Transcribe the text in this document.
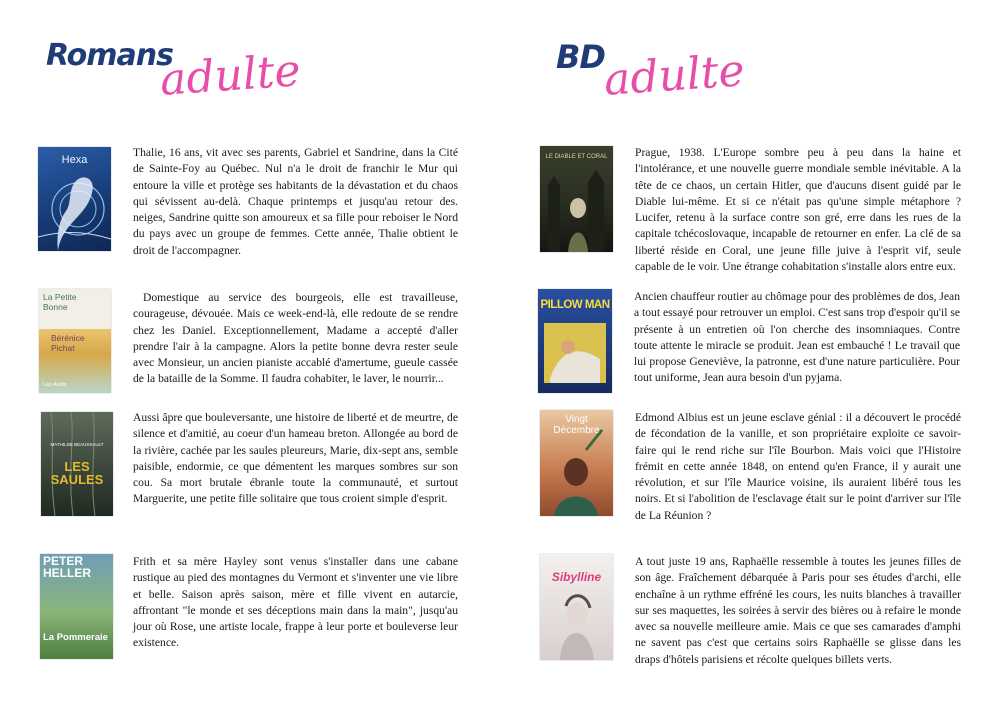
Romans
adulte	BD
adulte
Hexa

Thalie, 16 ans, vit avec ses parents, Gabriel et Sandrine, dans la Cité de Sainte-Foy au Québec. Nul n'a le droit de franchir le Mur qui entoure la ville et protège ses habitants de la dévastation et du chaos qui sévissent au-delà. Chaque printemps et jusqu'au retour des. neiges, Sandrine quitte son amoureux et sa fille pour reboiser le Nord du pays avec un groupe de femmes. Cette année, Thalie obtient le droit de l'accompagner.

La Petite Bonne
Bérénice Pichat
Les Avrils

Domestique au service des bourgeois, elle est travailleuse, courageuse, dévouée. Mais ce week-end-là, elle redoute de se rendre chez les Daniel. Exceptionnellement, Madame a accepté d'aller prendre l'air à la campagne. Alors la petite bonne devra rester seule avec Monsieur, un ancien pianiste accablé d'amertume, gueule cassée de la bataille de la Somme. Il faudra cohabiter, le laver, le nourrir...

MATHILDE BEAUSSAULT
LES SAULES

Aussi âpre que bouleversante, une histoire de liberté et de meurtre, de silence et d'amitié, au coeur d'un hameau breton. Allongée au bord de la rivière, cachée par les saules pleureurs, Marie, dix-sept ans, semble paisible, endormie, ce que démentent les marques sombres sur son cou. Sa mort brutale ébranle toute la communauté, et surtout Marguerite, une petite fille solitaire que tous croient simple d'esprit.

PETER HELLER
La Pommeraie

Frith et sa mère Hayley sont venus s'installer dans une cabane rustique au pied des montagnes du Vermont et s'inventer une vie libre et belle. Saison après saison, mère et fille vivent en autarcie, affrontant "le monde et ses déceptions main dans la main", jusqu'au jour où Rose, une artiste locale, frappe à leur porte et bouleverse leur existence.

LE DIABLE ET CORAL	Prague, 1938. L'Europe sombre peu à peu dans la haine et l'intolérance, et une nouvelle guerre mondiale semble inévitable. A la tête de ce chaos, un certain Hitler, que d'aucuns disent guidé par le Diable lui-même. Et si ce n'était pas qu'une simple métaphore ? Lucifer, retenu à la surface contre son gré, erre dans les rues de la capitale tchécoslovaque, incapable de retourner en enfer. La clé de sa liberté réside en Coral, une jeune fille juive à l'esprit vif, seule capable de le voir. Une étrange cohabitation s'installe alors entre eux.

PILLOW MAN

Ancien chauffeur routier au chômage pour des problèmes de dos, Jean a tout essayé pour retrouver un emploi. C'est sans trop d'espoir qu'il se présente à un entretien où l'on cherche des insomniaques. Contre toute attente le miracle se produit. Jean est embauché ! Le travail que lui propose Geneviève, la patronne, est d'une nature particulière. Pour tout uniforme, Jean aura besoin d'un pyjama.

Vingt Décembre

Edmond Albius est un jeune esclave génial : il a découvert le procédé de fécondation de la vanille, et son propriétaire exploite ce savoir-faire qui le rend riche sur l'île Bourbon. Mais voici que l'Histoire frémit en cette année 1848, on entend qu'en France, il y aurait une révolution, et sur l'île Maurice voisine, ils auraient libéré tous les noirs. Et si l'abolition de l'esclavage était sur le point d'arriver sur l'île de La Réunion ?

Sibylline

A tout juste 19 ans, Raphaëlle ressemble à toutes les jeunes filles de son âge. Fraîchement débarquée à Paris pour ses études d'archi, elle enchaîne à un rythme effréné les cours, les nuits blanches à travailler sur ses maquettes, les soirées à servir des bières ou à refaire le monde avec sa nouvelle meilleure amie. Mais ce que ses camarades d'amphi ne savent pas c'est que certains soirs Raphaëlle se glisse dans les draps d'hôtels parisiens et récolte quelques billets verts.
